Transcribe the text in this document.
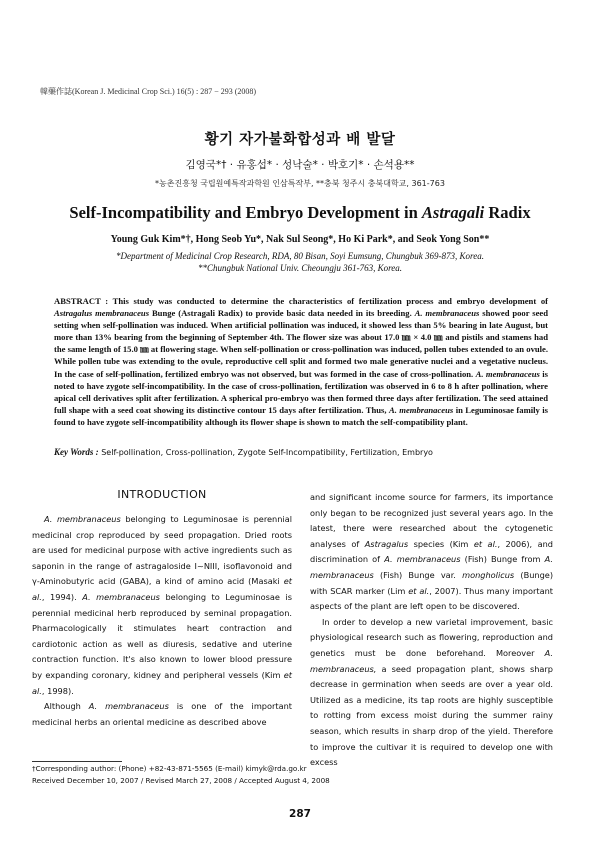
韓藥作誌(Korean J. Medicinal Crop Sci.) 16(5) : 287 − 293 (2008)
황기 자가불화합성과 배 발달
김영국*† · 유홍섭* · 성낙술* · 박호기* · 손석용**
*농촌진흥청 국립원예특작과학원 인삼특작부, **충북 청주시 충북대학교, 361-763
Self-Incompatibility and Embryo Development in Astragali Radix
Young Guk Kim*†, Hong Seob Yu*, Nak Sul Seong*, Ho Ki Park*, and Seok Yong Son**
*Department of Medicinal Crop Research, RDA, 80 Bisan, Soyi Eumsung, Chungbuk 369-873, Korea.
**Chungbuk National Univ. Cheoungju 361-763, Korea.
ABSTRACT : This study was conducted to determine the characteristics of fertilization process and embryo development of Astragalus membranaceus Bunge (Astragali Radix) to provide basic data needed in its breeding. A. membranaceus showed poor seed setting when self-pollination was induced. When artificial pollination was induced, it showed less than 5% bearing in late August, but more than 13% bearing from the beginning of September 4th. The flower size was about 17.0 ㎜ × 4.0 ㎜ and pistils and stamens had the same length of 15.0 ㎜ at flowering stage. When self-pollination or cross-pollination was induced, pollen tubes extended to an ovule. While pollen tube was extending to the ovule, reproductive cell split and formed two male generative nuclei and a vegetative nucleus. In the case of self-pollination, fertilized embryo was not observed, but was formed in the case of cross-pollination. A. membranaceus is noted to have zygote self-incompatibility. In the case of cross-pollination, fertilization was observed in 6 to 8 h after pollination, where apical cell derivatives split after fertilization. A spherical pro-embryo was then formed three days after fertilization. The seed attained full shape with a seed coat showing its distinctive contour 15 days after fertilization. Thus, A. membranaceus in Leguminosae family is found to have zygote self-incompatibility although its flower shape is shown to match the self-compatibility plant.
Key Words : Self-pollination, Cross-pollination, Zygote Self-Incompatibility, Fertilization, Embryo
INTRODUCTION

A. membranaceus belonging to Leguminosae is perennial medicinal crop reproduced by seed propagation. Dried roots are used for medicinal purpose with active ingredients such as saponin in the range of astragaloside I~NIII, isoflavonoid and γ-Aminobutyric acid (GABA), a kind of amino acid (Masaki et al., 1994). A. membranaceus belonging to Leguminosae is perennial medicinal herb reproduced by seminal propagation. Pharmacologically it stimulates heart contraction and cardiotonic action as well as diuresis, sedative and uterine contraction function. It's also known to lower blood pressure by expanding coronary, kidney and peripheral vessels (Kim et al., 1998).

Although A. membranaceus is one of the important medicinal herbs an oriental medicine as described above

and significant income source for farmers, its importance only began to be recognized just several years ago. In the latest, there were researched about the cytogenetic analyses of Astragalus species (Kim et al., 2006), and discrimination of A. membranaceus (Fish) Bunge from A. membranaceus (Fish) Bunge var. mongholicus (Bunge) with SCAR marker (Lim et al., 2007). Thus many important aspects of the plant are left open to be discovered.

In order to develop a new varietal improvement, basic physiological research such as flowering, reproduction and genetics must be done beforehand. Moreover A. membranaceus, a seed propagation plant, shows sharp decrease in germination when seeds are over a year old. Utilized as a medicine, its tap roots are highly susceptible to rotting from excess moist during the summer rainy season, which results in sharp drop of the yield. Therefore to improve the cultivar it is required to develop one with excess

†Corresponding author: (Phone) +82-43-871-5565 (E-mail) kimyk@rda.go.kr
Received December 10, 2007 / Revised March 27, 2008 / Accepted August 4, 2008
287
